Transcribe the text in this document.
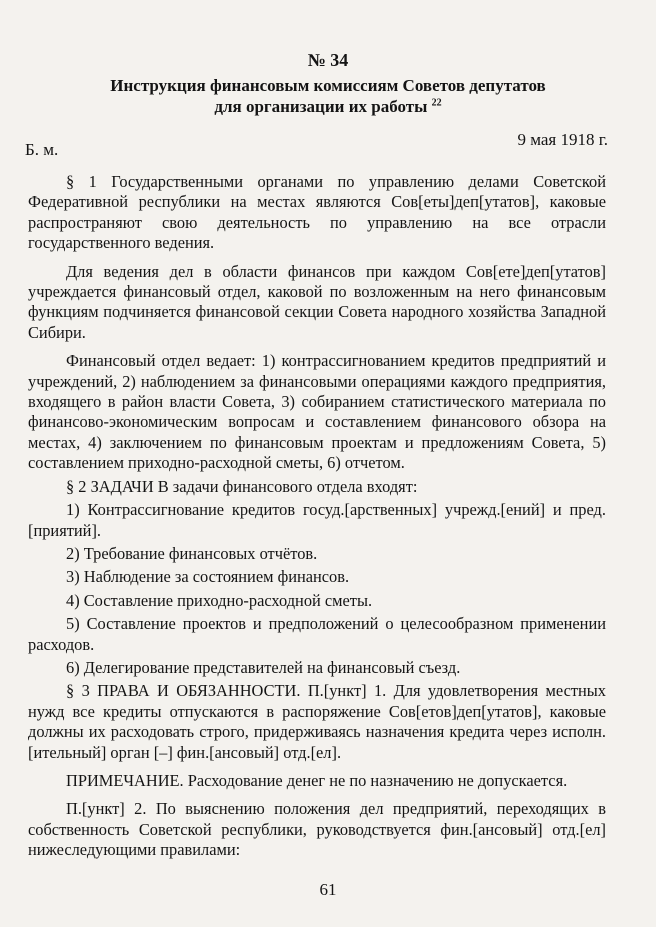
№ 34
Инструкция финансовым комиссиям Советов депутатов
для организации их работы $^{22}$
Б. м.
9 мая 1918 г.

§ 1 Государственными органами по управлению делами Советской Федеративной республики на местах являются Сов[еты]деп[утатов], каковые распространяют свою деятельность по управлению на все отрасли государственного ведения.

Для ведения дел в области финансов при каждом Сов[ете]деп[утатов] учреждается финансовый отдел, каковой по возложенным на него финансовым функциям подчиняется финансовой секции Совета народного хозяйства Западной Сибири.

Финансовый отдел ведает: 1) контрассигнованием кредитов предприятий и учреждений, 2) наблюдением за финансовыми операциями каждого предприятия, входящего в район власти Совета, 3) собиранием статистического материала по финансово-экономическим вопросам и составлением финансового обзора на местах, 4) заключением по финансовым проектам и предложениям Совета, 5) составлением приходно-расходной сметы, 6) отчетом.

§ 2 ЗАДАЧИ В задачи финансового отдела входят:

1) Контрассигнование кредитов госуд.[арственных] учрежд.[ений] и пред.[приятий].

2) Требование финансовых отчётов.

3) Наблюдение за состоянием финансов.

4) Составление приходно-расходной сметы.

5) Составление проектов и предположений о целесообразном применении расходов.

6) Делегирование представителей на финансовый съезд.

§ 3 ПРАВА И ОБЯЗАННОСТИ. П.[ункт] 1. Для удовлетворения местных нужд все кредиты отпускаются в распоряжение Сов[етов]деп[утатов], каковые должны их расходовать строго, придерживаясь назначения кредита через исполн.[ительный] орган [–] фин.[ансовый] отд.[ел].

ПРИМЕЧАНИЕ. Расходование денег не по назначению не допускается.

П.[ункт] 2. По выяснению положения дел предприятий, переходящих в собственность Советской республики, руководствуется фин.[ансовый] отд.[ел] нижеследующими правилами:

61
